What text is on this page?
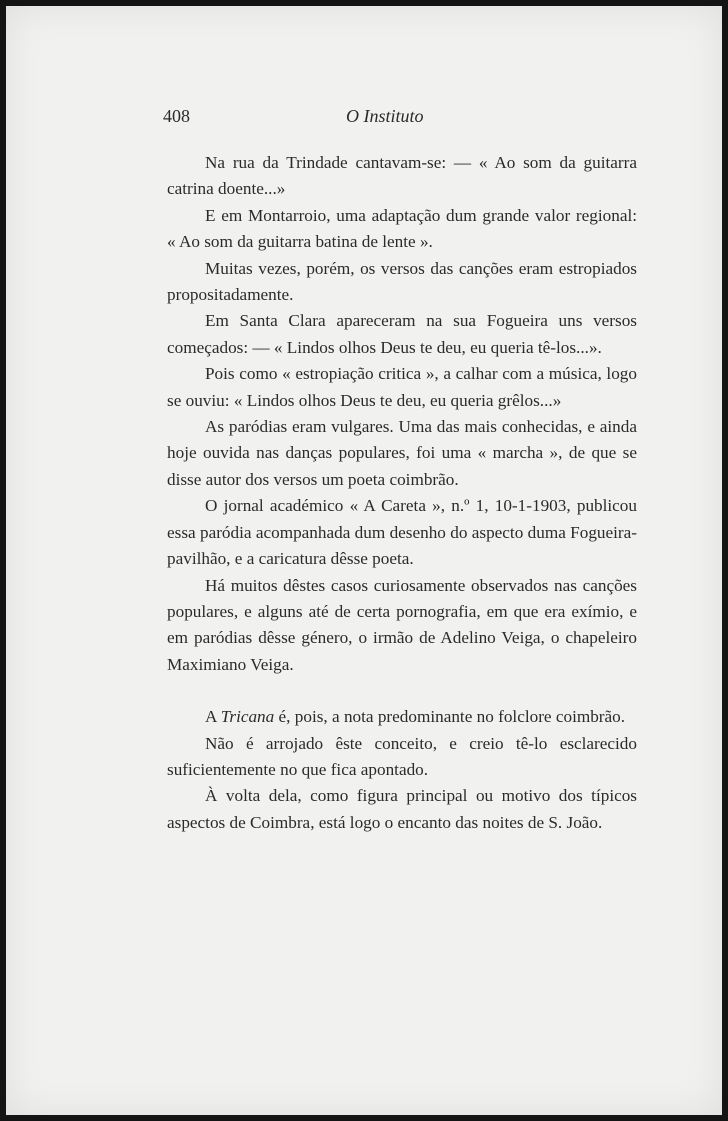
408	O Instituto

Na rua da Trindade cantavam-se: — « Ao som da guitarra catrina doente...»

E em Montarroio, uma adaptação dum grande valor regional: « Ao som da guitarra batina de lente ».

Muitas vezes, porém, os versos das canções eram estropiados propositadamente.

Em Santa Clara apareceram na sua Fogueira uns versos começados: — « Lindos olhos Deus te deu, eu queria tê-los...».

Pois como « estropiação critica », a calhar com a música, logo se ouviu: « Lindos olhos Deus te deu, eu queria grêlos...»

As paródias eram vulgares. Uma das mais conhecidas, e ainda hoje ouvida nas danças populares, foi uma « marcha », de que se disse autor dos versos um poeta coimbrão.

O jornal académico « A Careta », n.º 1, 10-1-1903, publicou essa paródia acompanhada dum desenho do aspecto duma Fogueira-pavilhão, e a caricatura dêsse poeta.

Há muitos dêstes casos curiosamente observados nas canções populares, e alguns até de certa pornografia, em que era exímio, e em paródias dêsse género, o irmão de Adelino Veiga, o chapeleiro Maximiano Veiga.

A Tricana é, pois, a nota predominante no folclore coimbrão.

Não é arrojado êste conceito, e creio tê-lo esclarecido suficientemente no que fica apontado.

À volta dela, como figura principal ou motivo dos típicos aspectos de Coimbra, está logo o encanto das noites de S. João.
